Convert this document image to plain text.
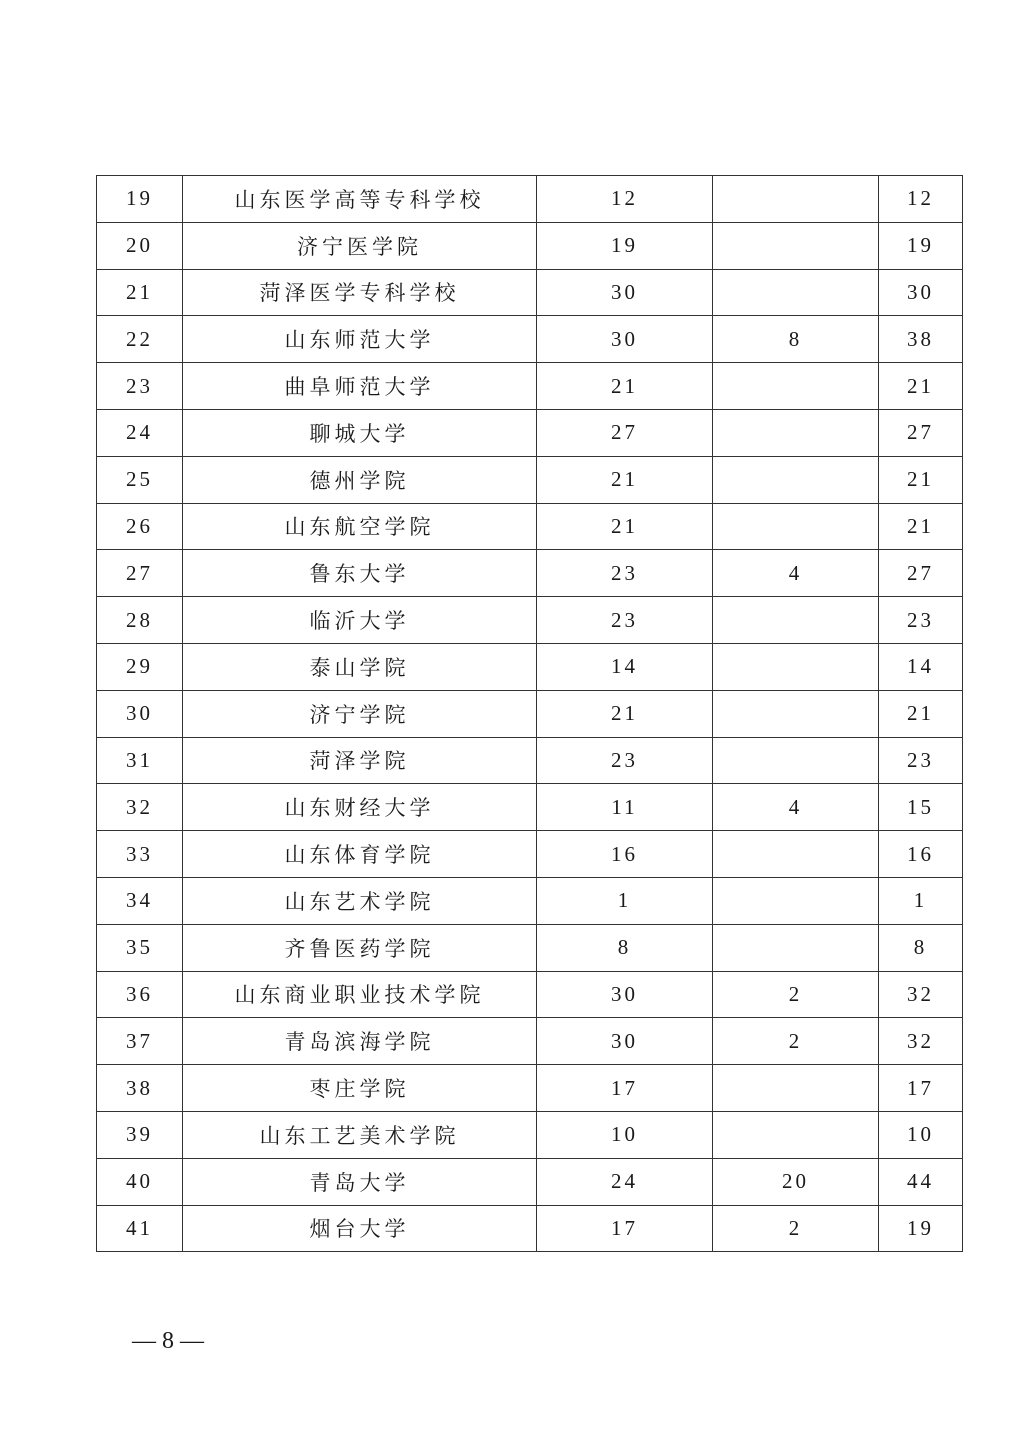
19	山东医学高等专科学校	12		12
20	济宁医学院	19		19
21	菏泽医学专科学校	30		30
22	山东师范大学	30	8	38
23	曲阜师范大学	21		21
24	聊城大学	27		27
25	德州学院	21		21
26	山东航空学院	21		21
27	鲁东大学	23	4	27
28	临沂大学	23		23
29	泰山学院	14		14
30	济宁学院	21		21
31	菏泽学院	23		23
32	山东财经大学	11	4	15
33	山东体育学院	16		16
34	山东艺术学院	1		1
35	齐鲁医药学院	8		8
36	山东商业职业技术学院	30	2	32
37	青岛滨海学院	30	2	32
38	枣庄学院	17		17
39	山东工艺美术学院	10		10
40	青岛大学	24	20	44
41	烟台大学	17	2	19
— 8 —
